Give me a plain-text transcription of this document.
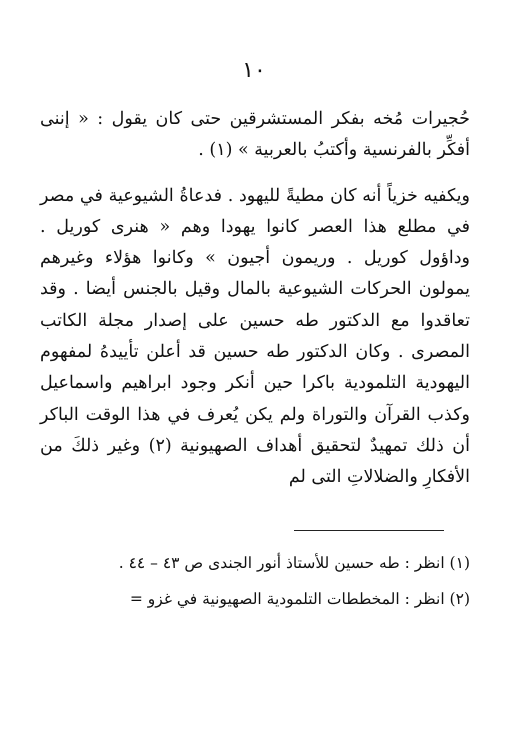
١٠

حُجيرات مُخه بفكر المستشرقين حتى كان يقول : « إننى أفكِّر بالفرنسية وأكتبُ بالعربية » (١) .

ويكفيه خزياً أنه كان مطيةً لليهود . فدعاةُ الشيوعية في مصر في مطلع هذا العصر كانوا يهودا وهم « هنرى كوريل . وداؤول كوريل . وريمون أجيون » وكانوا هؤلاء وغيرهم يمولون الحركات الشيوعية بالمال وقيل بالجنس أيضا . وقد تعاقدوا مع الدكتور طه حسين على إصدار مجلة الكاتب المصرى . وكان الدكتور طه حسين قد أعلن تأييدهُ لمفهوم اليهودية التلمودية باكرا حين أنكر وجود ابراهيم واسماعيل وكذب القرآن والتوراة ولم يكن يُعرف في هذا الوقت الباكر أن ذلك تمهيدٌ لتحقيق أهداف الصهيونية (٢) وغير ذلكَ من الأفكارِ والضلالاتِ التى لم

(١) انظر : طه حسين للأستاذ أنور الجندى ص ٤٣ – ٤٤ .

(٢) انظر : المخططات التلمودية الصهيونية في غزو =
